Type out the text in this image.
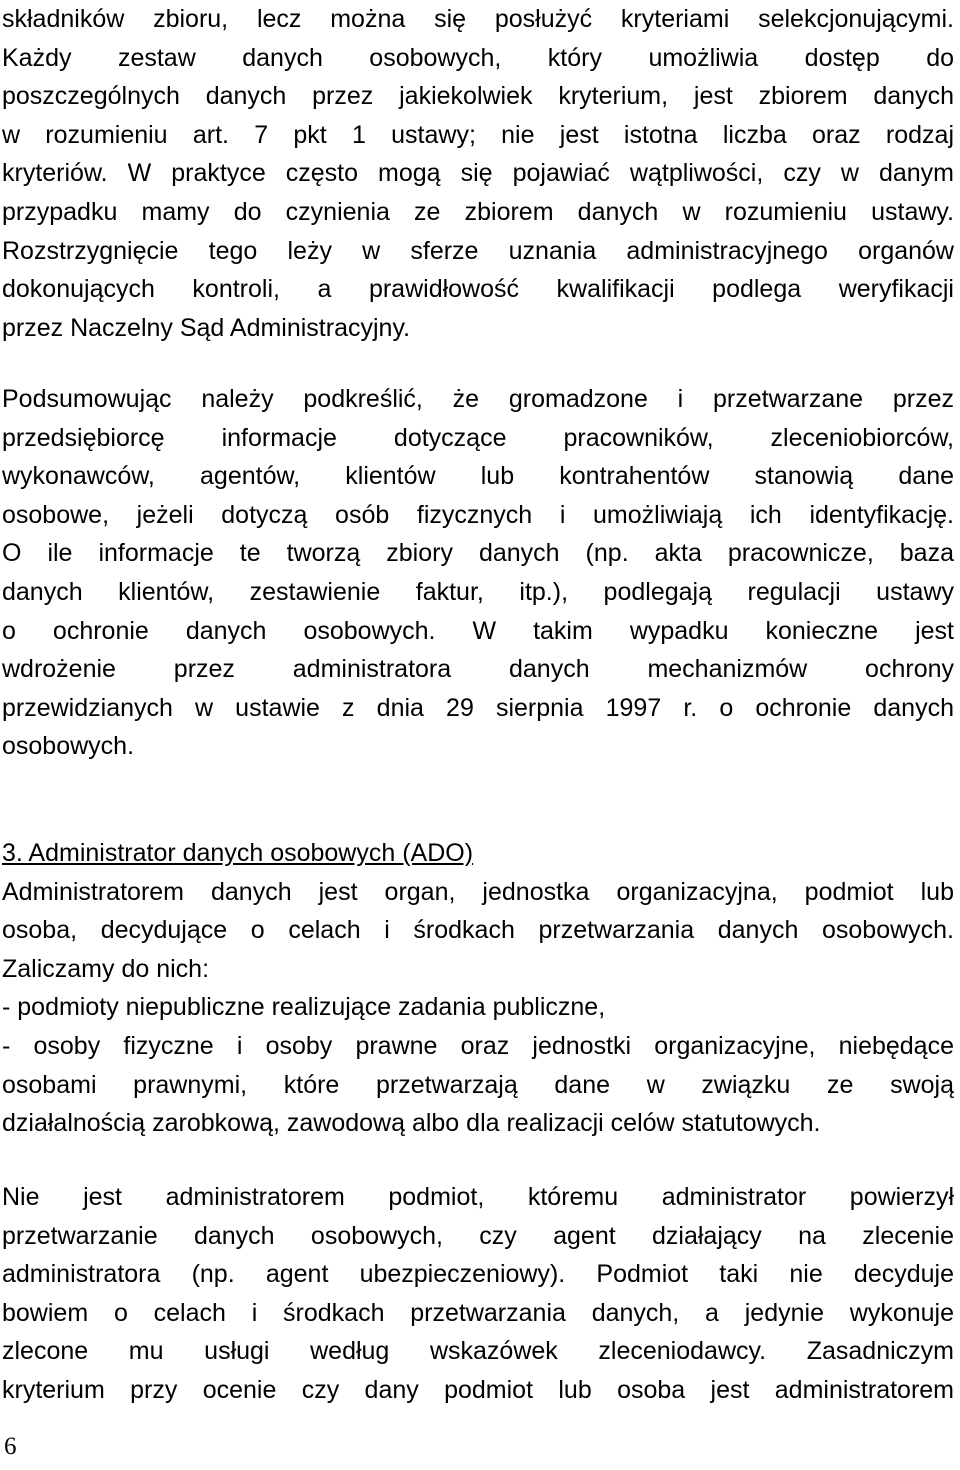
składników zbioru, lecz można się posłużyć kryteriami selekcjonującymi.
Każdy zestaw danych osobowych, który umożliwia dostęp do
poszczególnych danych przez jakiekolwiek kryterium, jest zbiorem danych
w rozumieniu art. 7 pkt 1 ustawy; nie jest istotna liczba oraz rodzaj
kryteriów. W praktyce często mogą się pojawiać wątpliwości, czy w danym
przypadku mamy do czynienia ze zbiorem danych w rozumieniu ustawy.
Rozstrzygnięcie tego leży w sferze uznania administracyjnego organów
dokonujących kontroli, a prawidłowość kwalifikacji podlega weryfikacji
przez Naczelny Sąd Administracyjny.

Podsumowując należy podkreślić, że gromadzone i przetwarzane przez
przedsiębiorcę informacje dotyczące pracowników, zleceniobiorców,
wykonawców, agentów, klientów lub kontrahentów stanowią dane
osobowe, jeżeli dotyczą osób fizycznych i umożliwiają ich identyfikację.
O ile informacje te tworzą zbiory danych (np. akta pracownicze, baza
danych klientów, zestawienie faktur, itp.), podlegają regulacji ustawy
o ochronie danych osobowych. W takim wypadku konieczne jest
wdrożenie przez administratora danych mechanizmów ochrony
przewidzianych w ustawie z dnia 29 sierpnia 1997 r. o ochronie danych
osobowych.

3. Administrator danych osobowych (ADO)
Administratorem danych jest organ, jednostka organizacyjna, podmiot lub
osoba, decydujące o celach i środkach przetwarzania danych osobowych.
Zaliczamy do nich:
- podmioty niepubliczne realizujące zadania publiczne,
- osoby fizyczne i osoby prawne oraz jednostki organizacyjne, niebędące
osobami prawnymi, które przetwarzają dane w związku ze swoją
działalnością zarobkową, zawodową albo dla realizacji celów statutowych.

Nie jest administratorem podmiot, któremu administrator powierzył
przetwarzanie danych osobowych, czy agent działający na zlecenie
administratora (np. agent ubezpieczeniowy). Podmiot taki nie decyduje
bowiem o celach i środkach przetwarzania danych, a jedynie wykonuje
zlecone mu usługi według wskazówek zleceniodawcy. Zasadniczym
kryterium przy ocenie czy dany podmiot lub osoba jest administratorem

6
